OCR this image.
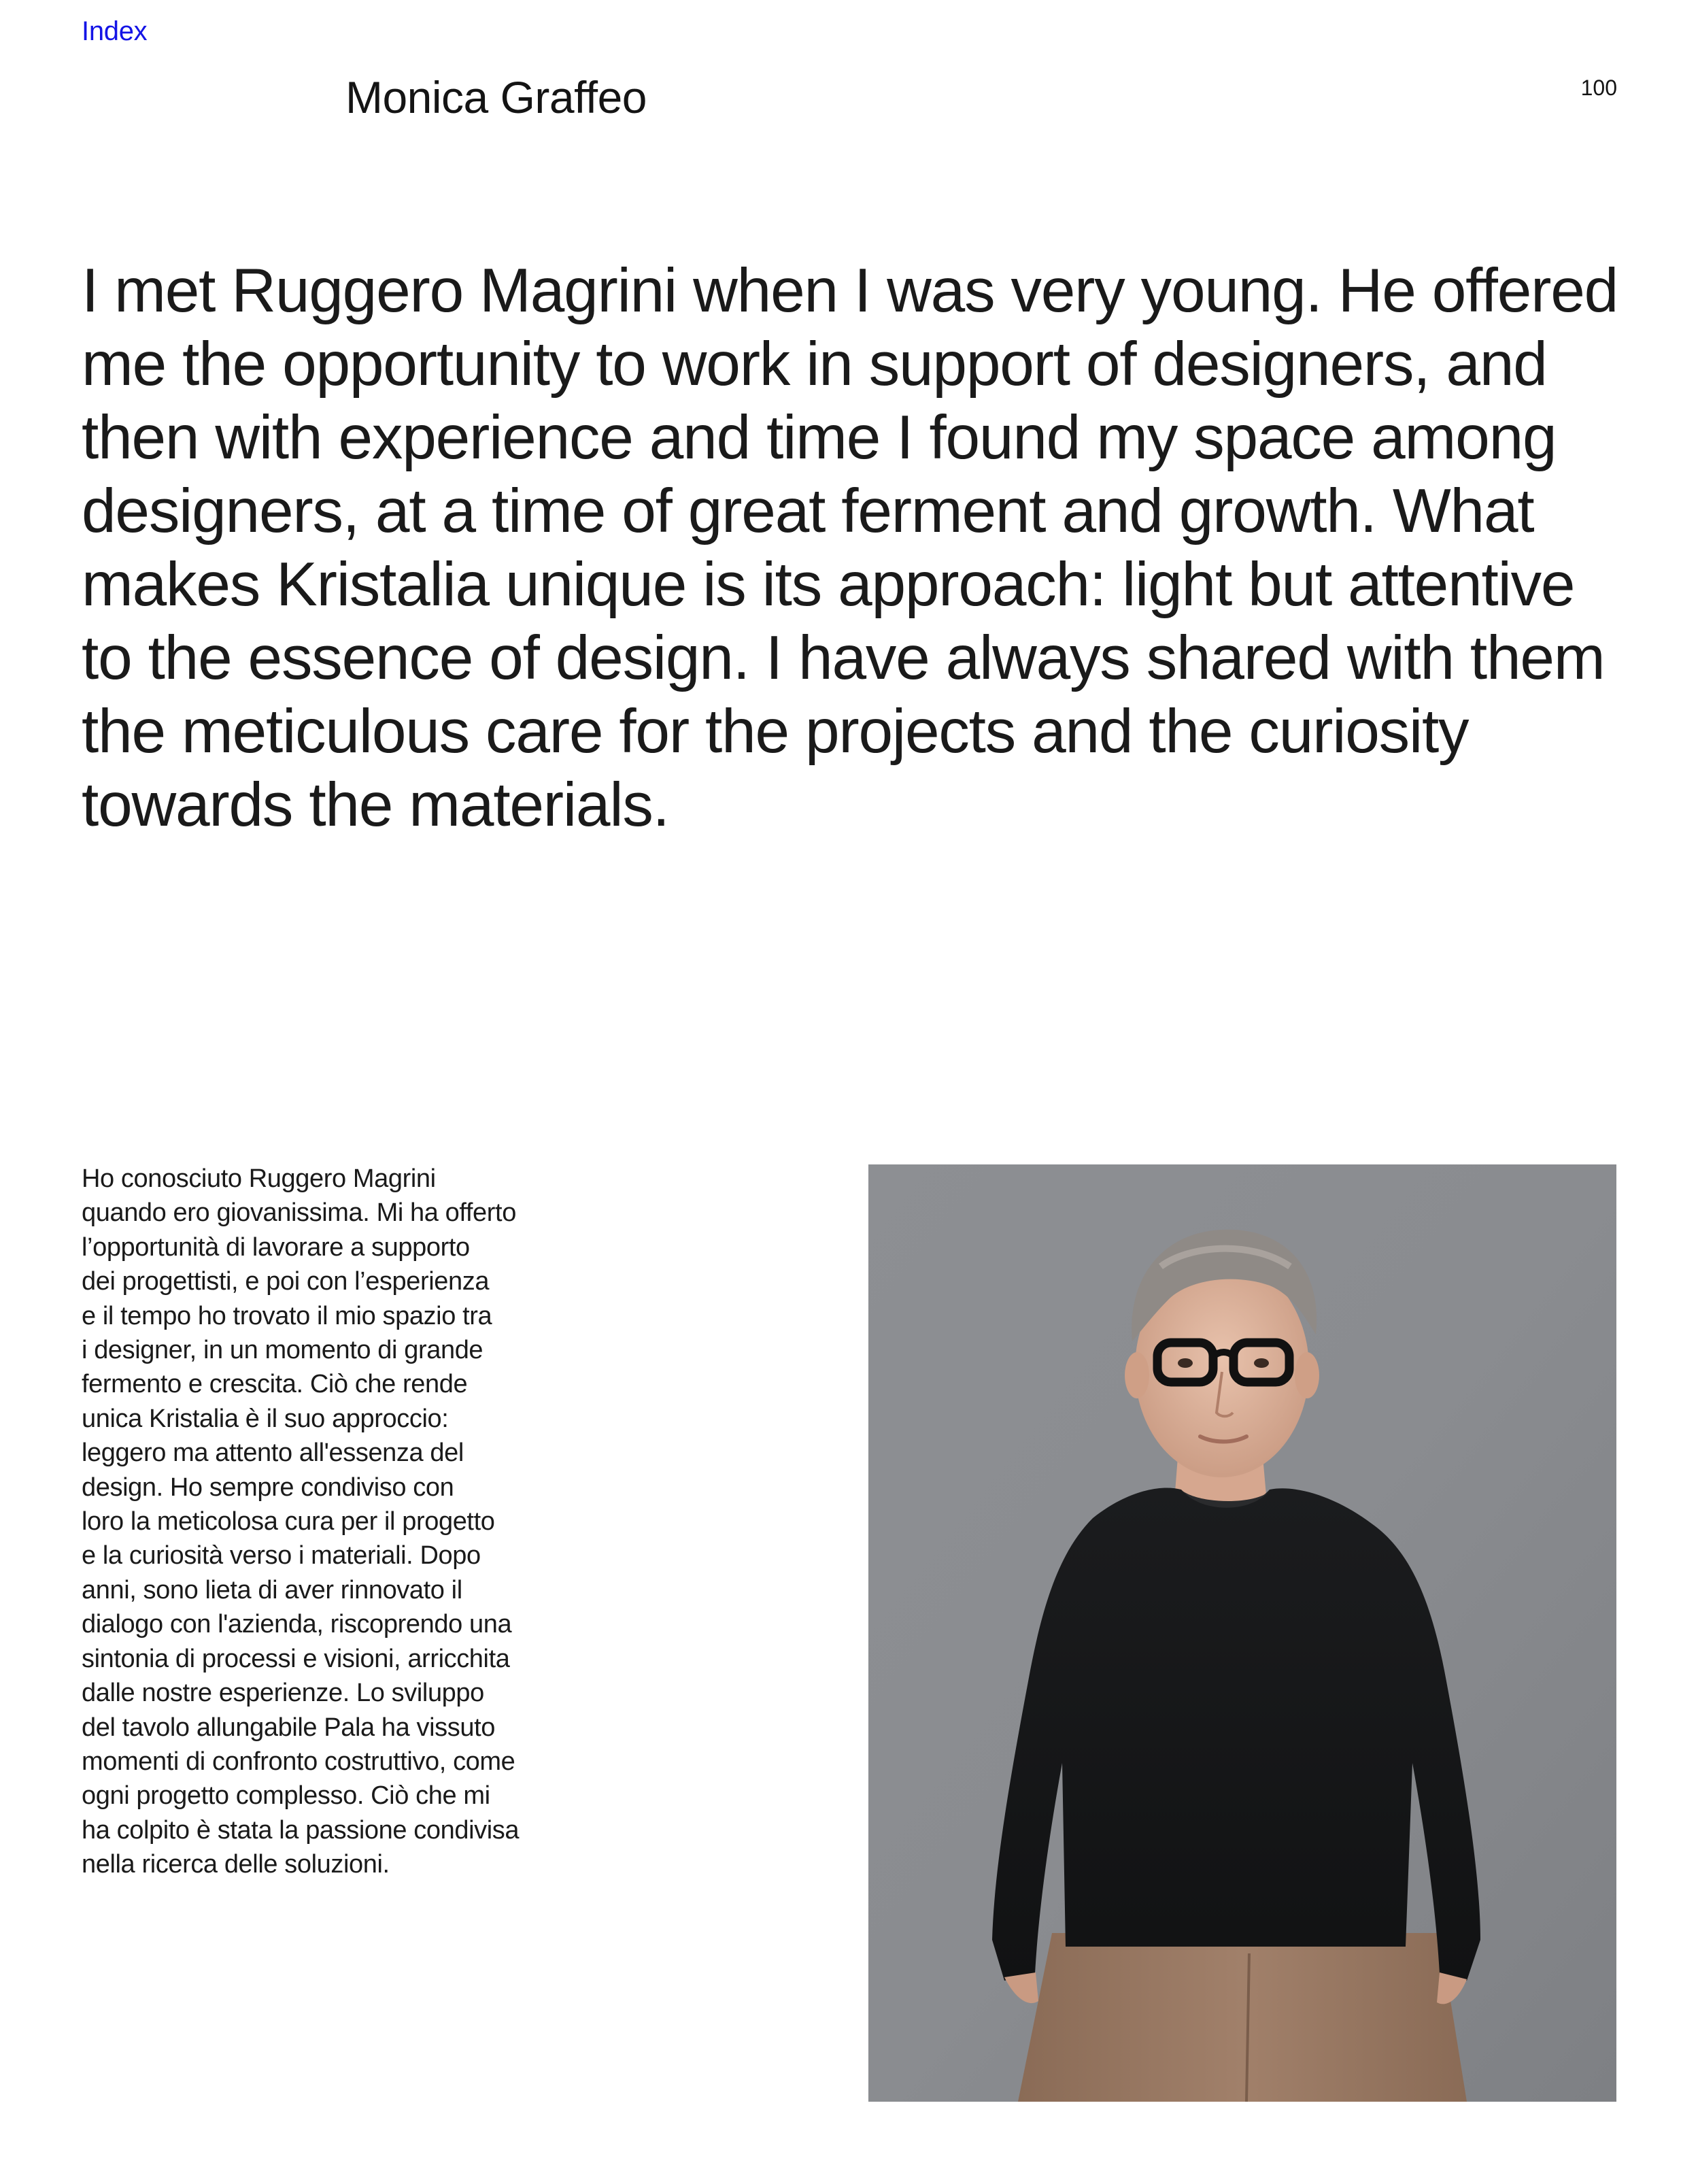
Index
Monica Graffeo	100

I met Ruggero Magrini when I was very young. He offered
me the opportunity to work in support of designers, and
then with experience and time I found my space among
designers, at a time of great ferment and growth. What
makes Kristalia unique is its approach: light but attentive
to the essence of design. I have always shared with them
the meticulous care for the projects and the curiosity
towards the materials.

Ho conosciuto Ruggero Magrini
quando ero giovanissima. Mi ha offerto
l’opportunità di lavorare a supporto
dei progettisti, e poi con l’esperienza
e il tempo ho trovato il mio spazio tra
i designer, in un momento di grande
fermento e crescita. Ciò che rende
unica Kristalia è il suo approccio:
leggero ma attento all'essenza del
design. Ho sempre condiviso con
loro la meticolosa cura per il progetto
e la curiosità verso i materiali. Dopo
anni, sono lieta di aver rinnovato il
dialogo con l'azienda, riscoprendo una
sintonia di processi e visioni, arricchita
dalle nostre esperienze. Lo sviluppo
del tavolo allungabile Pala ha vissuto
momenti di confronto costruttivo, come
ogni progetto complesso. Ciò che mi
ha colpito è stata la passione condivisa
nella ricerca delle soluzioni.
